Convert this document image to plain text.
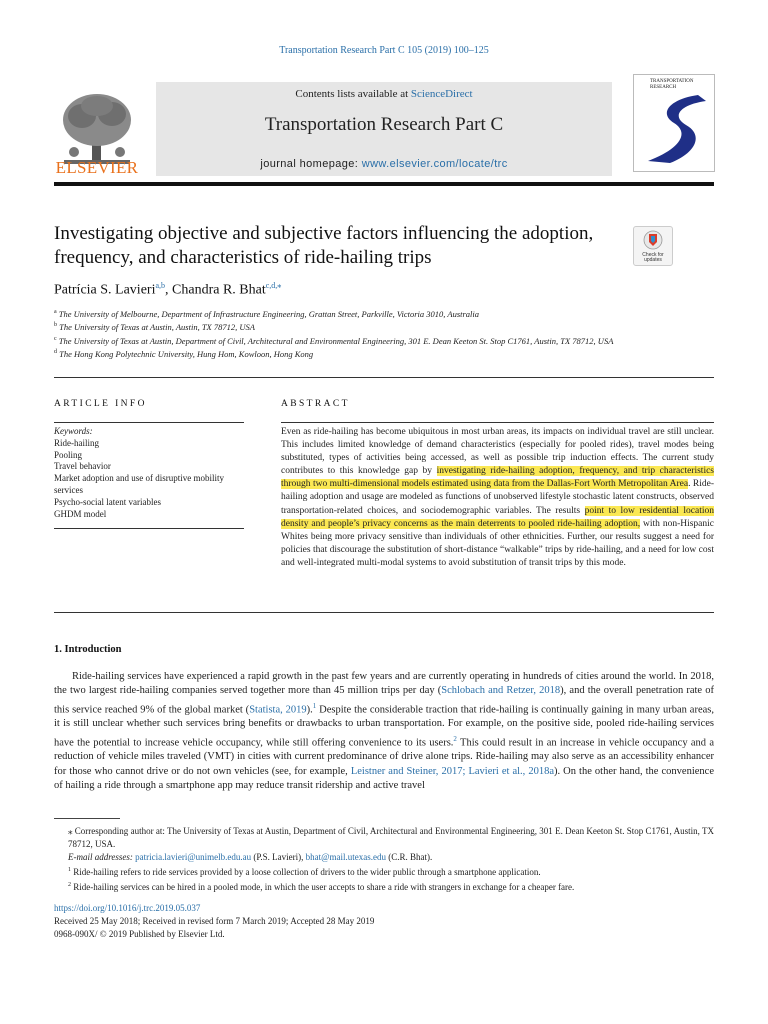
Transportation Research Part C 105 (2019) 100–125
ELSEVIER
Contents lists available at ScienceDirect
Transportation Research Part C
journal homepage: www.elsevier.com/locate/trc
TRANSPORTATION RESEARCH
Investigating objective and subjective factors influencing the adoption, frequency, and characteristics of ride-hailing trips	Check for updates
Patrícia S. Lavieri$^{a,b}$, Chandra R. Bhat$^{c,d,⁎}$
$^a$ The University of Melbourne, Department of Infrastructure Engineering, Grattan Street, Parkville, Victoria 3010, Australia
$^b$ The University of Texas at Austin, Austin, TX 78712, USA
$^c$ The University of Texas at Austin, Department of Civil, Architectural and Environmental Engineering, 301 E. Dean Keeton St. Stop C1761, Austin, TX 78712, USA
$^d$ The Hong Kong Polytechnic University, Hung Hom, Kowloon, Hong Kong
ARTICLE INFO	ABSTRACT
Keywords:
Ride-hailing
Pooling
Travel behavior
Market adoption and use of disruptive mobility services
Psycho-social latent variables
GHDM model
Even as ride-hailing has become ubiquitous in most urban areas, its impacts on individual travel are still unclear. This includes limited knowledge of demand characteristics (especially for pooled rides), travel modes being substituted, types of activities being accessed, as well as possible trip induction effects. The current study contributes to this knowledge gap by investigating ride-hailing adoption, frequency, and trip characteristics through two multi-dimensional models estimated using data from the Dallas-Fort Worth Metropolitan Area. Ride-hailing adoption and usage are modeled as functions of unobserved lifestyle stochastic latent constructs, observed transportation-related choices, and sociodemographic variables. The results point to low residential location density and people’s privacy concerns as the main deterrents to pooled ride-hailing adoption, with non-Hispanic Whites being more privacy sensitive than individuals of other ethnicities. Further, our results suggest a need for policies that discourage the substitution of short-distance “walkable” trips by ride-hailing, and a need for low cost and well-integrated multi-modal systems to avoid substitution of transit trips by this mode.
1. Introduction
Ride-hailing services have experienced a rapid growth in the past few years and are currently operating in hundreds of cities around the world. In 2018, the two largest ride-hailing companies served together more than 45 million trips per day (Schlobach and Retzer, 2018), and the overall penetration rate of this service reached 9% of the global market (Statista, 2019).$^1$ Despite the considerable traction that ride-hailing is continually gaining in many urban areas, it is still unclear whether such services bring benefits or drawbacks to urban transportation. For example, on the positive side, pooled ride-hailing services have the potential to increase vehicle occupancy, while still offering convenience to its users.$^2$ This could result in an increase in vehicle occupancy and a reduction of vehicle miles traveled (VMT) in cities with current predominance of drive alone trips. Ride-hailing may also serve as an accessibility enhancer for those who cannot drive or do not own vehicles (see, for example, Leistner and Steiner, 2017; Lavieri et al., 2018a). On the other hand, the convenience of hailing a ride through a smartphone app may reduce transit ridership and active travel
⁎ Corresponding author at: The University of Texas at Austin, Department of Civil, Architectural and Environmental Engineering, 301 E. Dean Keeton St. Stop C1761, Austin, TX 78712, USA.
E-mail addresses: patricia.lavieri@unimelb.edu.au (P.S. Lavieri), bhat@mail.utexas.edu (C.R. Bhat).
$^1$ Ride-hailing refers to ride services provided by a loose collection of drivers to the wider public through a smartphone application.
$^2$ Ride-hailing services can be hired in a pooled mode, in which the user accepts to share a ride with strangers in exchange for a cheaper fare.
https://doi.org/10.1016/j.trc.2019.05.037
Received 25 May 2018; Received in revised form 7 March 2019; Accepted 28 May 2019
0968-090X/ © 2019 Published by Elsevier Ltd.
